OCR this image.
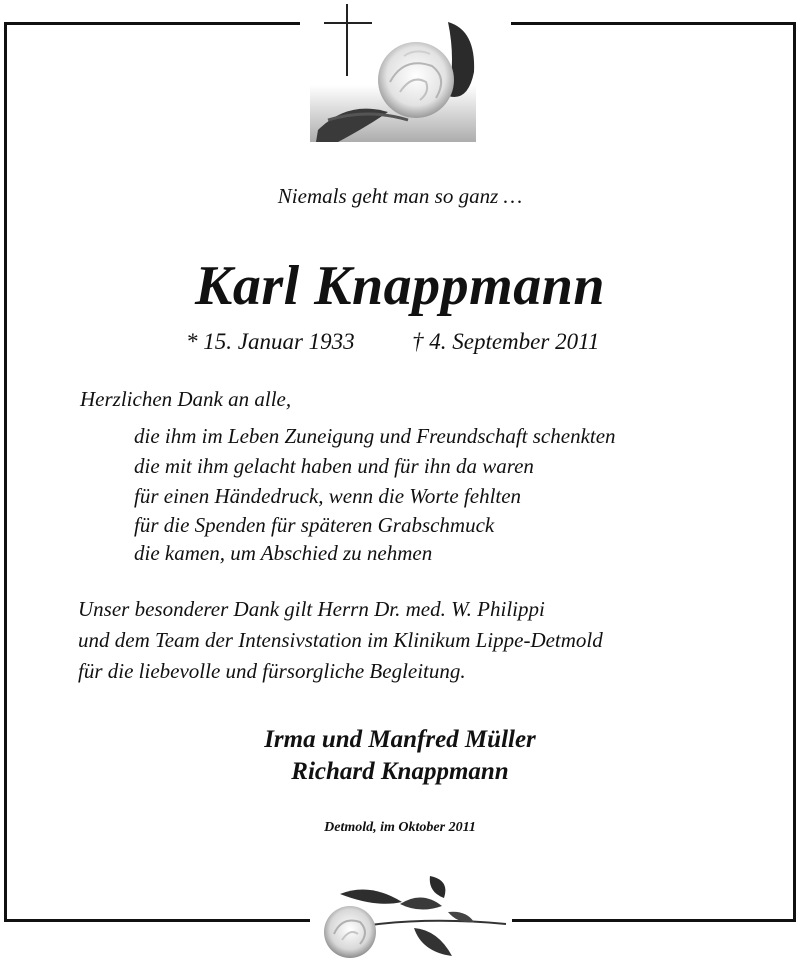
Niemals geht man so ganz …

Karl Knappmann

* 15. Januar 1933 † 4. September 2011

Herzlichen Dank an alle,

die ihm im Leben Zuneigung und Freundschaft schenkten

die mit ihm gelacht haben und für ihn da waren

für einen Händedruck, wenn die Worte fehlten

für die Spenden für späteren Grabschmuck

die kamen, um Abschied zu nehmen

Unser besonderer Dank gilt Herrn Dr. med. W. Philippi

und dem Team der Intensivstation im Klinikum Lippe-Detmold

für die liebevolle und fürsorgliche Begleitung.

Irma und Manfred Müller

Richard Knappmann

Detmold, im Oktober 2011
